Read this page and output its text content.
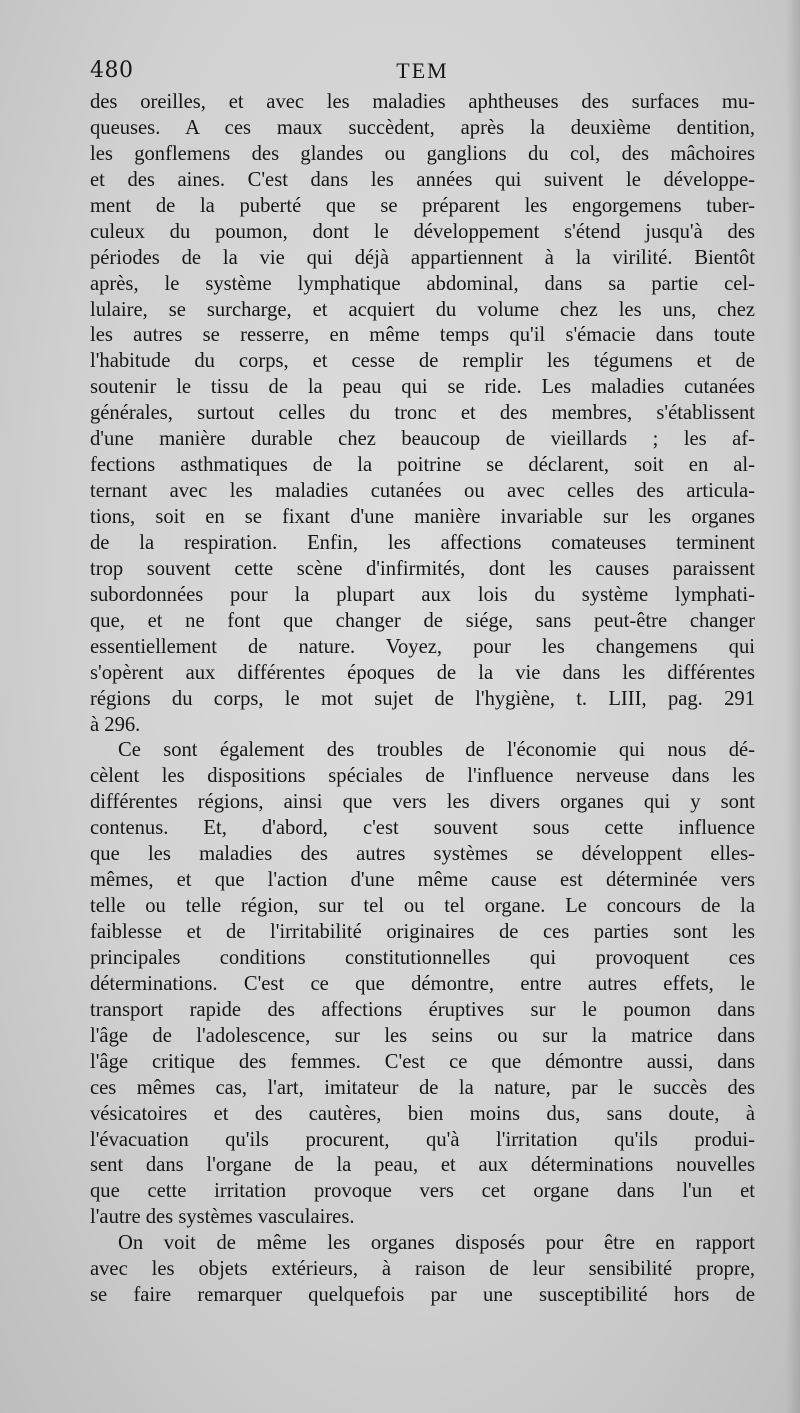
480	TEM
des oreilles, et avec les maladies aphtheuses des surfaces mu-
queuses. A ces maux succèdent, après la deuxième dentition,
les gonflemens des glandes ou ganglions du col, des mâchoires
et des aines. C'est dans les années qui suivent le développe-
ment de la puberté que se préparent les engorgemens tuber-
culeux du poumon, dont le développement s'étend jusqu'à des
périodes de la vie qui déjà appartiennent à la virilité. Bientôt
après, le système lymphatique abdominal, dans sa partie cel-
lulaire, se surcharge, et acquiert du volume chez les uns, chez
les autres se resserre, en même temps qu'il s'émacie dans toute
l'habitude du corps, et cesse de remplir les tégumens et de
soutenir le tissu de la peau qui se ride. Les maladies cutanées
générales, surtout celles du tronc et des membres, s'établissent
d'une manière durable chez beaucoup de vieillards ; les af-
fections asthmatiques de la poitrine se déclarent, soit en al-
ternant avec les maladies cutanées ou avec celles des articula-
tions, soit en se fixant d'une manière invariable sur les organes
de la respiration. Enfin, les affections comateuses terminent
trop souvent cette scène d'infirmités, dont les causes paraissent
subordonnées pour la plupart aux lois du système lymphati-
que, et ne font que changer de siége, sans peut-être changer
essentiellement de nature. Voyez, pour les changemens qui
s'opèrent aux différentes époques de la vie dans les différentes
régions du corps, le mot sujet de l'hygiène, t. LIII, pag. 291
à 296.
Ce sont également des troubles de l'économie qui nous dé-
cèlent les dispositions spéciales de l'influence nerveuse dans les
différentes régions, ainsi que vers les divers organes qui y sont
contenus. Et, d'abord, c'est souvent sous cette influence
que les maladies des autres systèmes se développent elles-
mêmes, et que l'action d'une même cause est déterminée vers
telle ou telle région, sur tel ou tel organe. Le concours de la
faiblesse et de l'irritabilité originaires de ces parties sont les
principales conditions constitutionnelles qui provoquent ces
déterminations. C'est ce que démontre, entre autres effets, le
transport rapide des affections éruptives sur le poumon dans
l'âge de l'adolescence, sur les seins ou sur la matrice dans
l'âge critique des femmes. C'est ce que démontre aussi, dans
ces mêmes cas, l'art, imitateur de la nature, par le succès des
vésicatoires et des cautères, bien moins dus, sans doute, à
l'évacuation qu'ils procurent, qu'à l'irritation qu'ils produi-
sent dans l'organe de la peau, et aux déterminations nouvelles
que cette irritation provoque vers cet organe dans l'un et
l'autre des systèmes vasculaires.
On voit de même les organes disposés pour être en rapport
avec les objets extérieurs, à raison de leur sensibilité propre,
se faire remarquer quelquefois par une susceptibilité hors de
